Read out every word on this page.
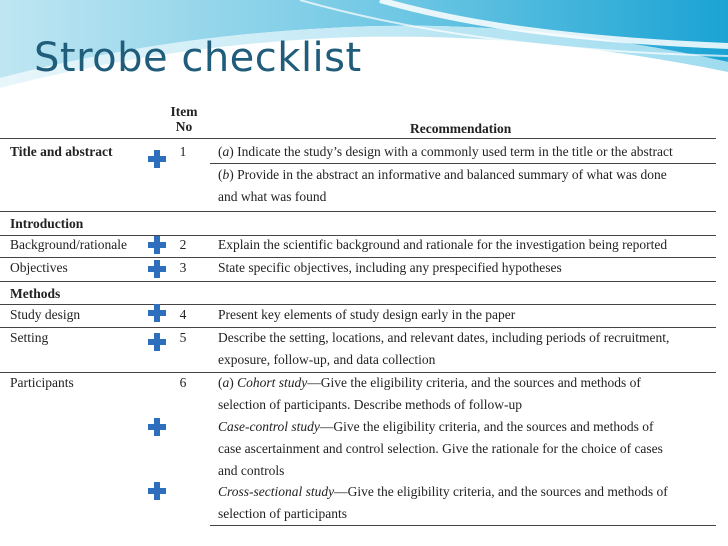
Strobe checklist
Item
No	Recommendation
Title and abstract	1	(a) Indicate the study’s design with a commonly used term in the title or the abstract
(b) Provide in the abstract an informative and balanced summary of what was done
and what was found
Introduction
Background/rationale	2	Explain the scientific background and rationale for the investigation being reported
Objectives	3	State specific objectives, including any prespecified hypotheses
Methods
Study design	4	Present key elements of study design early in the paper
Setting	5	Describe the setting, locations, and relevant dates, including periods of recruitment,
exposure, follow-up, and data collection
Participants	6	(a) Cohort study—Give the eligibility criteria, and the sources and methods of
selection of participants. Describe methods of follow-up
Case-control study—Give the eligibility criteria, and the sources and methods of
case ascertainment and control selection. Give the rationale for the choice of cases
and controls
Cross-sectional study—Give the eligibility criteria, and the sources and methods of
selection of participants
